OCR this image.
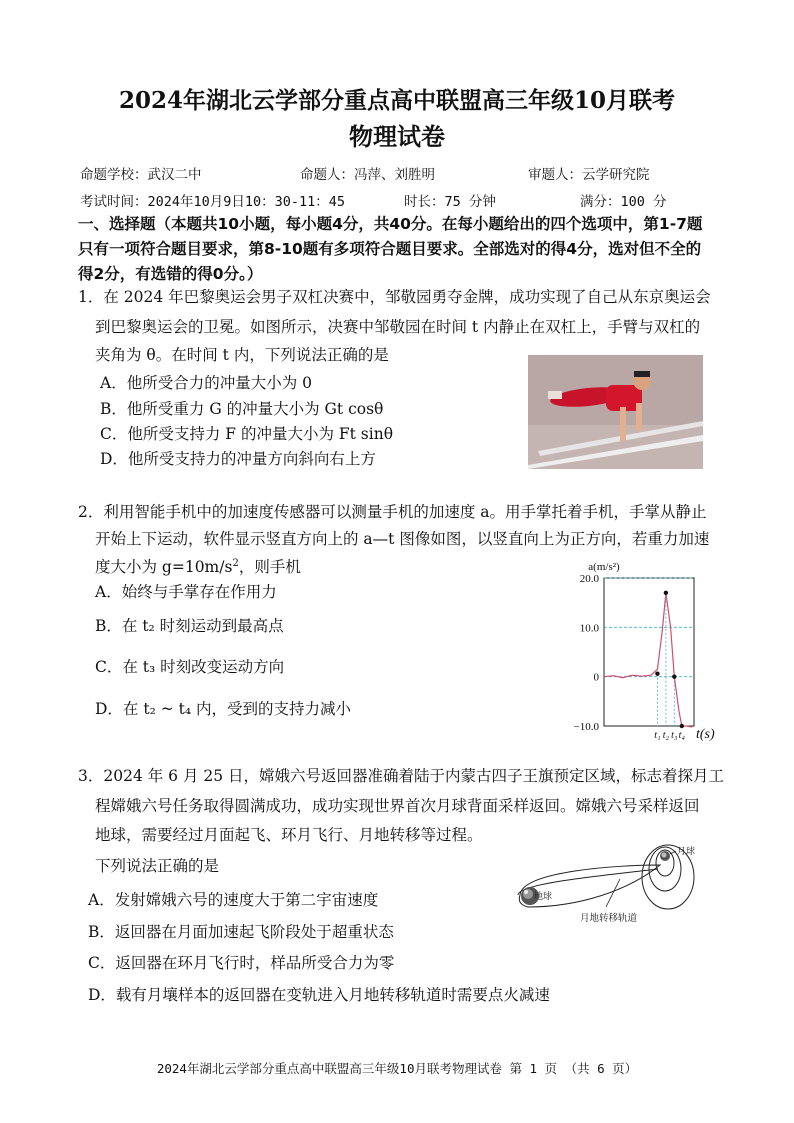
2024年湖北云学部分重点高中联盟高三年级10月联考
物理试卷
命题学校：武汉二中	命题人：冯萍、刘胜明	审题人：云学研究院
考试时间：2024年10月9日10：30-11：45	时长：75 分钟	满分：100 分
一、选择题（本题共10小题，每小题4分，共40分。在每小题给出的四个选项中，第1-7题
只有一项符合题目要求，第8-10题有多项符合题目要求。全部选对的得4分，选对但不全的
得2分，有选错的得0分。）
1．在 2024 年巴黎奥运会男子双杠决赛中，邹敬园勇夺金牌，成功实现了自己从东京奥运会
到巴黎奥运会的卫冕。如图所示，决赛中邹敬园在时间 t 内静止在双杠上，手臂与双杠的
夹角为 θ。在时间 t 内，下列说法正确的是
A．他所受合力的冲量大小为 0
B．他所受重力 G 的冲量大小为 Gt cosθ
C．他所受支持力 F 的冲量大小为 Ft sinθ
D．他所受支持力的冲量方向斜向右上方
2．利用智能手机中的加速度传感器可以测量手机的加速度 a。用手掌托着手机，手掌从静止
开始上下运动，软件显示竖直方向上的 a—t 图像如图，以竖直向上为正方向，若重力加速
度大小为 $g=10m/s^2$，则手机
A．始终与手掌存在作用力
B．在 t₂ 时刻运动到最高点
C．在 t₃ 时刻改变运动方向
D．在 t₂ ~ t₄ 内，受到的支持力减小
20.0
10.0
0
−10.0
a(m/s²)
t(s)
t₁ t₂ t₃ t₄
3．2024 年 6 月 25 日，嫦娥六号返回器准确着陆于内蒙古四子王旗预定区域，标志着探月工
程嫦娥六号任务取得圆满成功，成功实现世界首次月球背面采样返回。嫦娥六号采样返回
地球，需要经过月面起飞、环月飞行、月地转移等过程。
下列说法正确的是
A．发射嫦娥六号的速度大于第二宇宙速度
B．返回器在月面加速起飞阶段处于超重状态
C．返回器在环月飞行时，样品所受合力为零
D．载有月壤样本的返回器在变轨进入月地转移轨道时需要点火减速
地球
月球
月地转移轨道
2024年湖北云学部分重点高中联盟高三年级10月联考物理试卷 第 1 页 （共 6 页）
